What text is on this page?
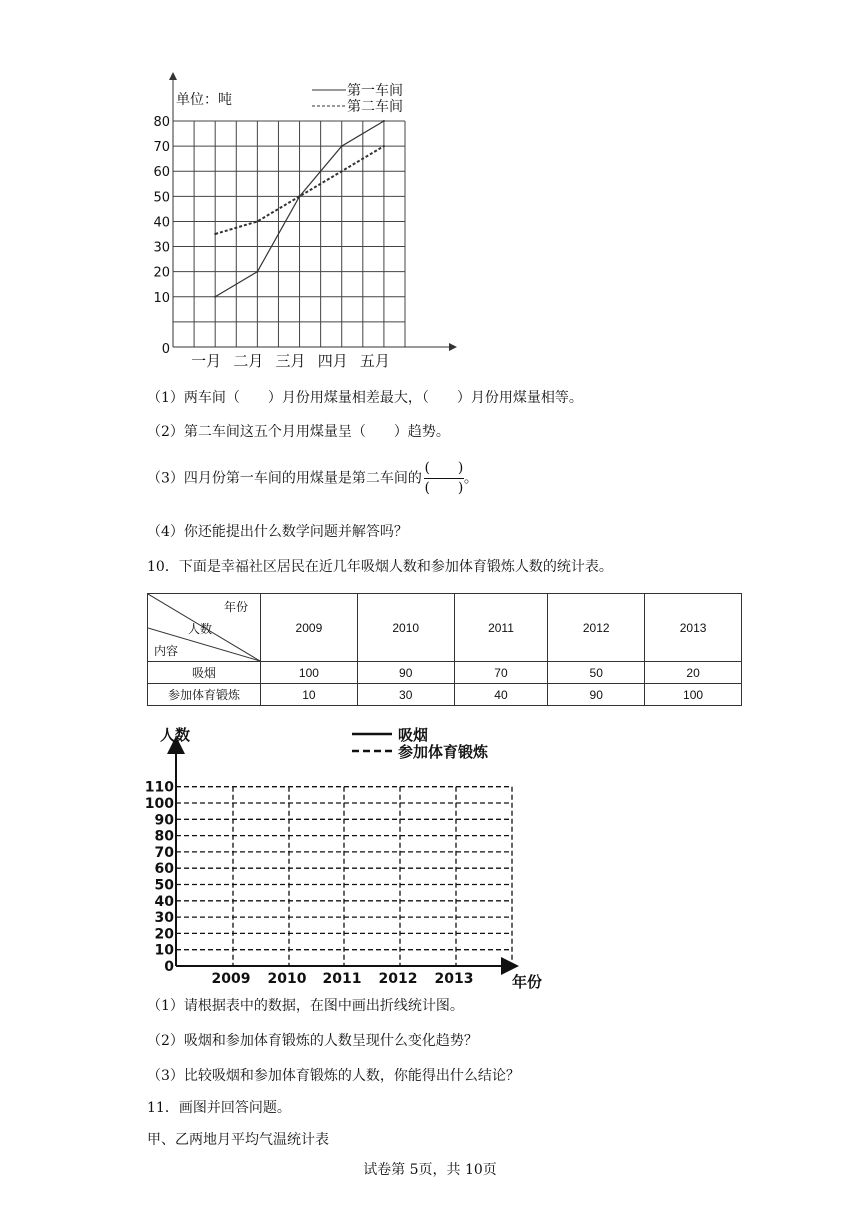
0
10
20
30
40
50
60
70
80
一月 二月 三月 四月 五月
单位：吨
第一车间
第二车间
（1）两车间（　　）月份用煤量相差最大，（　　）月份用煤量相等。
（2）第二车间这五个月用煤量呈（　　）趋势。
（3）四月份第一车间的用煤量是第二车间的 $\frac{( )}{( )}$ 。
（4）你还能提出什么数学问题并解答吗？
10．下面是幸福社区居民在近几年吸烟人数和参加体育锻炼人数的统计表。
年份
人数
内容	2009	2010	2011	2012	2013
吸烟	100	90	70	50	20
参加体育锻炼	10	30	40	90	100
0
10
20
30
40
50
60
70
80
90
100
110
2009 2010 2011 2012 2013
人数
年份
吸烟
参加体育锻炼
（1）请根据表中的数据，在图中画出折线统计图。
（2）吸烟和参加体育锻炼的人数呈现什么变化趋势？
（3）比较吸烟和参加体育锻炼的人数，你能得出什么结论？
11．画图并回答问题。
甲、乙两地月平均气温统计表
试卷第 5页，共 10页
